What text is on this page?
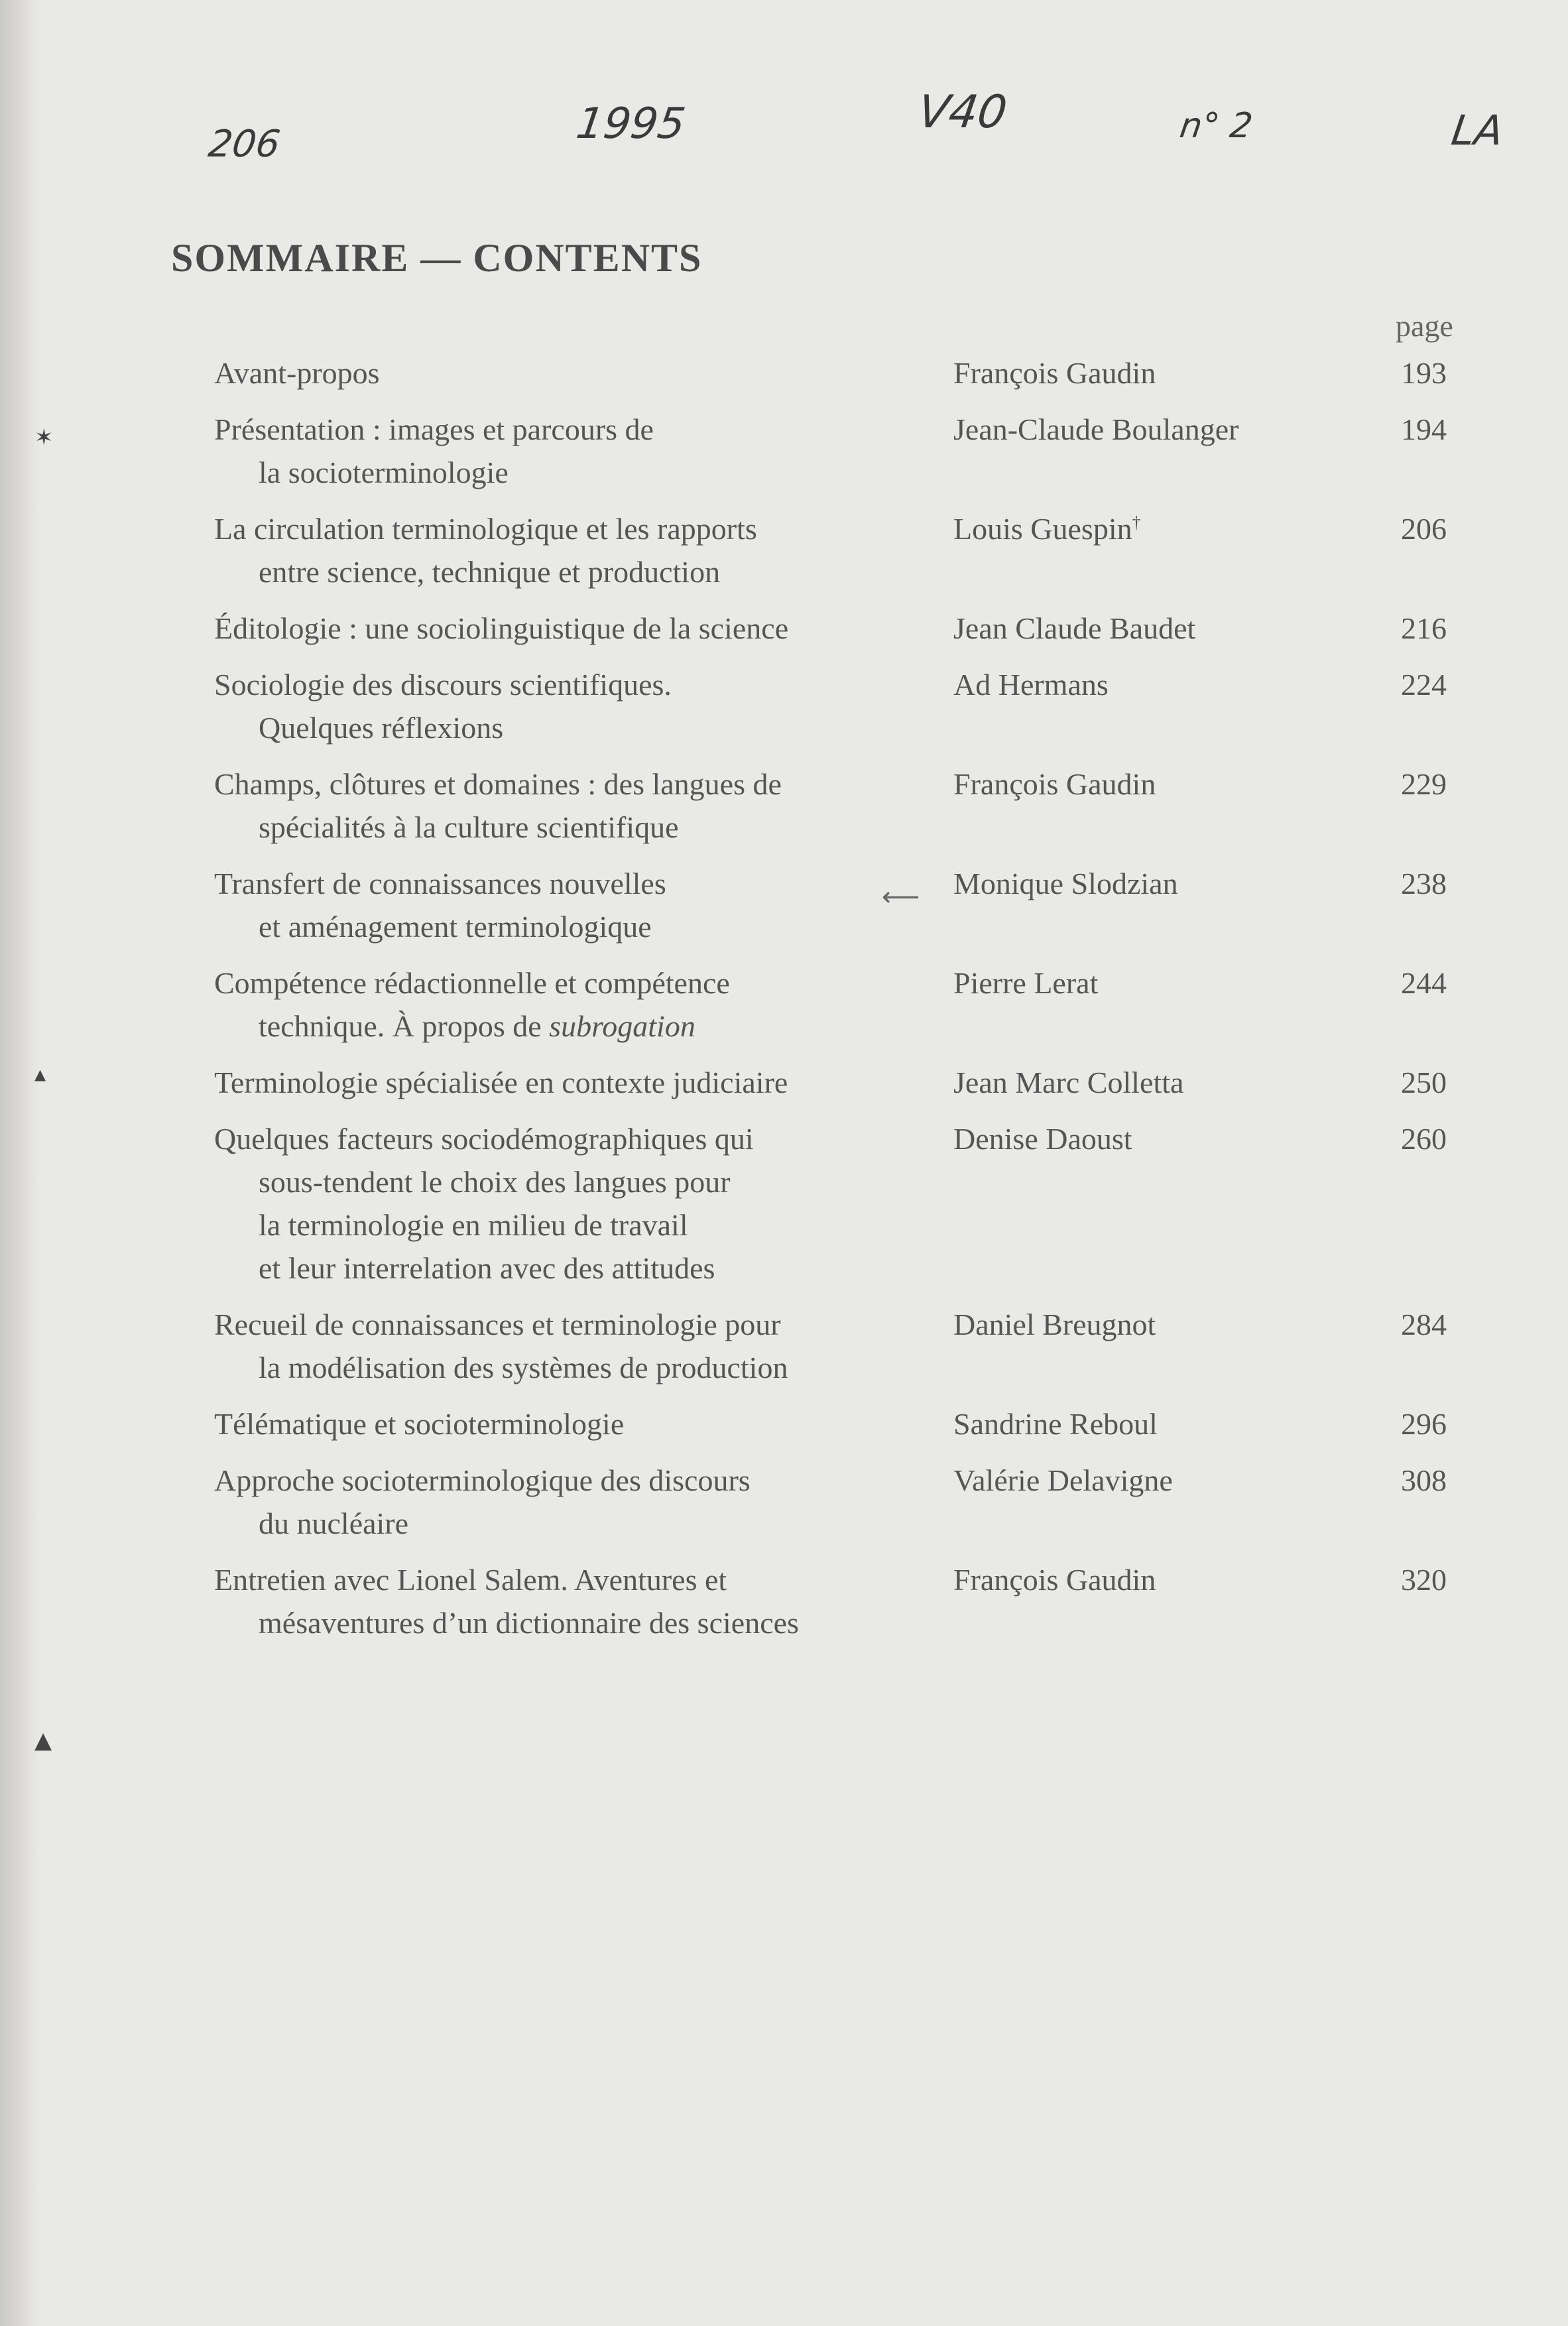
206	1995	V40	n° 2	LA
SOMMAIRE — CONTENTS
page
✶
▴
▲
⟵
Avant-propos	François Gaudin	193
Présentation : images et parcours de
la socioterminologie
Jean-Claude Boulanger	194
La circulation terminologique et les rapports
entre science, technique et production
Louis Guespin†	206
Éditologie : une sociolinguistique de la science	Jean Claude Baudet	216
Sociologie des discours scientifiques.
Quelques réflexions
Ad Hermans	224
Champs, clôtures et domaines : des langues de
spécialités à la culture scientifique
François Gaudin	229
Transfert de connaissances nouvelles
et aménagement terminologique
Monique Slodzian	238
Compétence rédactionnelle et compétence
technique. À propos de subrogation
Pierre Lerat	244
Terminologie spécialisée en contexte judiciaire	Jean Marc Colletta	250
Quelques facteurs sociodémographiques qui
sous-tendent le choix des langues pour
la terminologie en milieu de travail
et leur interrelation avec des attitudes
Denise Daoust	260
Recueil de connaissances et terminologie pour
la modélisation des systèmes de production
Daniel Breugnot	284
Télématique et socioterminologie	Sandrine Reboul	296
Approche socioterminologique des discours
du nucléaire
Valérie Delavigne	308
Entretien avec Lionel Salem. Aventures et
mésaventures d’un dictionnaire des sciences
François Gaudin	320
